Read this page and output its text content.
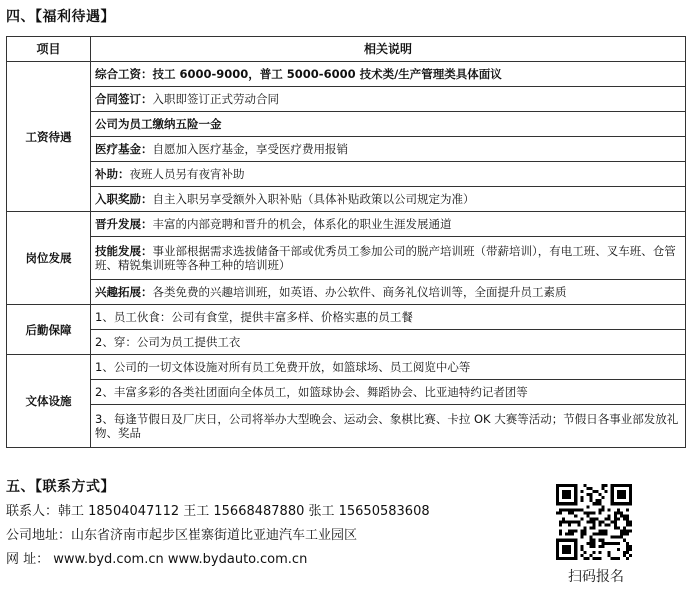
四、【福利待遇】
项目	相关说明
工资待遇	综合工资：技工 6000-9000，普工 5000-6000 技术类/生产管理类具体面议
	合同签订：入职即签订正式劳动合同
	公司为员工缴纳五险一金
	医疗基金：自愿加入医疗基金，享受医疗费用报销
	补助：夜班人员另有夜宵补助
	入职奖励：自主入职另享受额外入职补贴（具体补贴政策以公司规定为准）
岗位发展	晋升发展：丰富的内部竞聘和晋升的机会，体系化的职业生涯发展通道
	技能发展：事业部根据需求选拔储备干部或优秀员工参加公司的脱产培训班（带薪培训），有电工班、叉车班、仓管班、精锐集训班等各种工种的培训班）
	兴趣拓展：各类免费的兴趣培训班，如英语、办公软件、商务礼仪培训等，全面提升员工素质
后勤保障	1、员工伙食：公司有食堂，提供丰富多样、价格实惠的员工餐
	2、穿：公司为员工提供工衣
文体设施	1、公司的一切文体设施对所有员工免费开放，如篮球场、员工阅览中心等
	2、丰富多彩的各类社团面向全体员工，如篮球协会、舞蹈协会、比亚迪特约记者团等
	3、每逢节假日及厂庆日，公司将举办大型晚会、运动会、象棋比赛、卡拉 OK 大赛等活动；节假日各事业部发放礼物、奖品
五、【联系方式】
联系人：韩工 18504047112 王工 15668487880 张工 15650583608
公司地址：山东省济南市起步区崔寨街道比亚迪汽车工业园区
网 址： www.byd.com.cn www.bydauto.com.cn
扫码报名
